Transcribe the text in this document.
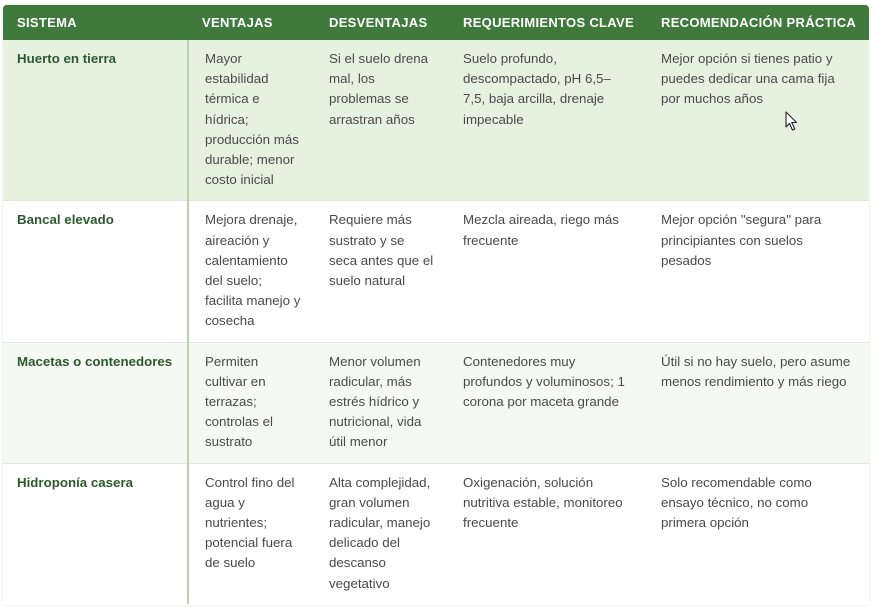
SISTEMA	VENTAJAS	DESVENTAJAS	REQUERIMIENTOS CLAVE	RECOMENDACIÓN PRÁCTICA
Huerto en tierra	Mayor estabilidad térmica e hídrica; producción más durable; menor costo inicial	Si el suelo drena mal, los problemas se arrastran años	Suelo profundo, descompactado, pH 6,5–7,5, baja arcilla, drenaje impecable	Mejor opción si tienes patio y puedes dedicar una cama fija por muchos años
Bancal elevado	Mejora drenaje, aireación y calentamiento del suelo; facilita manejo y cosecha	Requiere más sustrato y se seca antes que el suelo natural	Mezcla aireada, riego más frecuente	Mejor opción "segura" para principiantes con suelos pesados
Macetas o contenedores	Permiten cultivar en terrazas; controlas el sustrato	Menor volumen radicular, más estrés hídrico y nutricional, vida útil menor	Contenedores muy profundos y voluminosos; 1 corona por maceta grande	Útil si no hay suelo, pero asume menos rendimiento y más riego
Hidroponía casera	Control fino del agua y nutrientes; potencial fuera de suelo	Alta complejidad, gran volumen radicular, manejo delicado del descanso vegetativo	Oxigenación, solución nutritiva estable, monitoreo frecuente	Solo recomendable como ensayo técnico, no como primera opción
